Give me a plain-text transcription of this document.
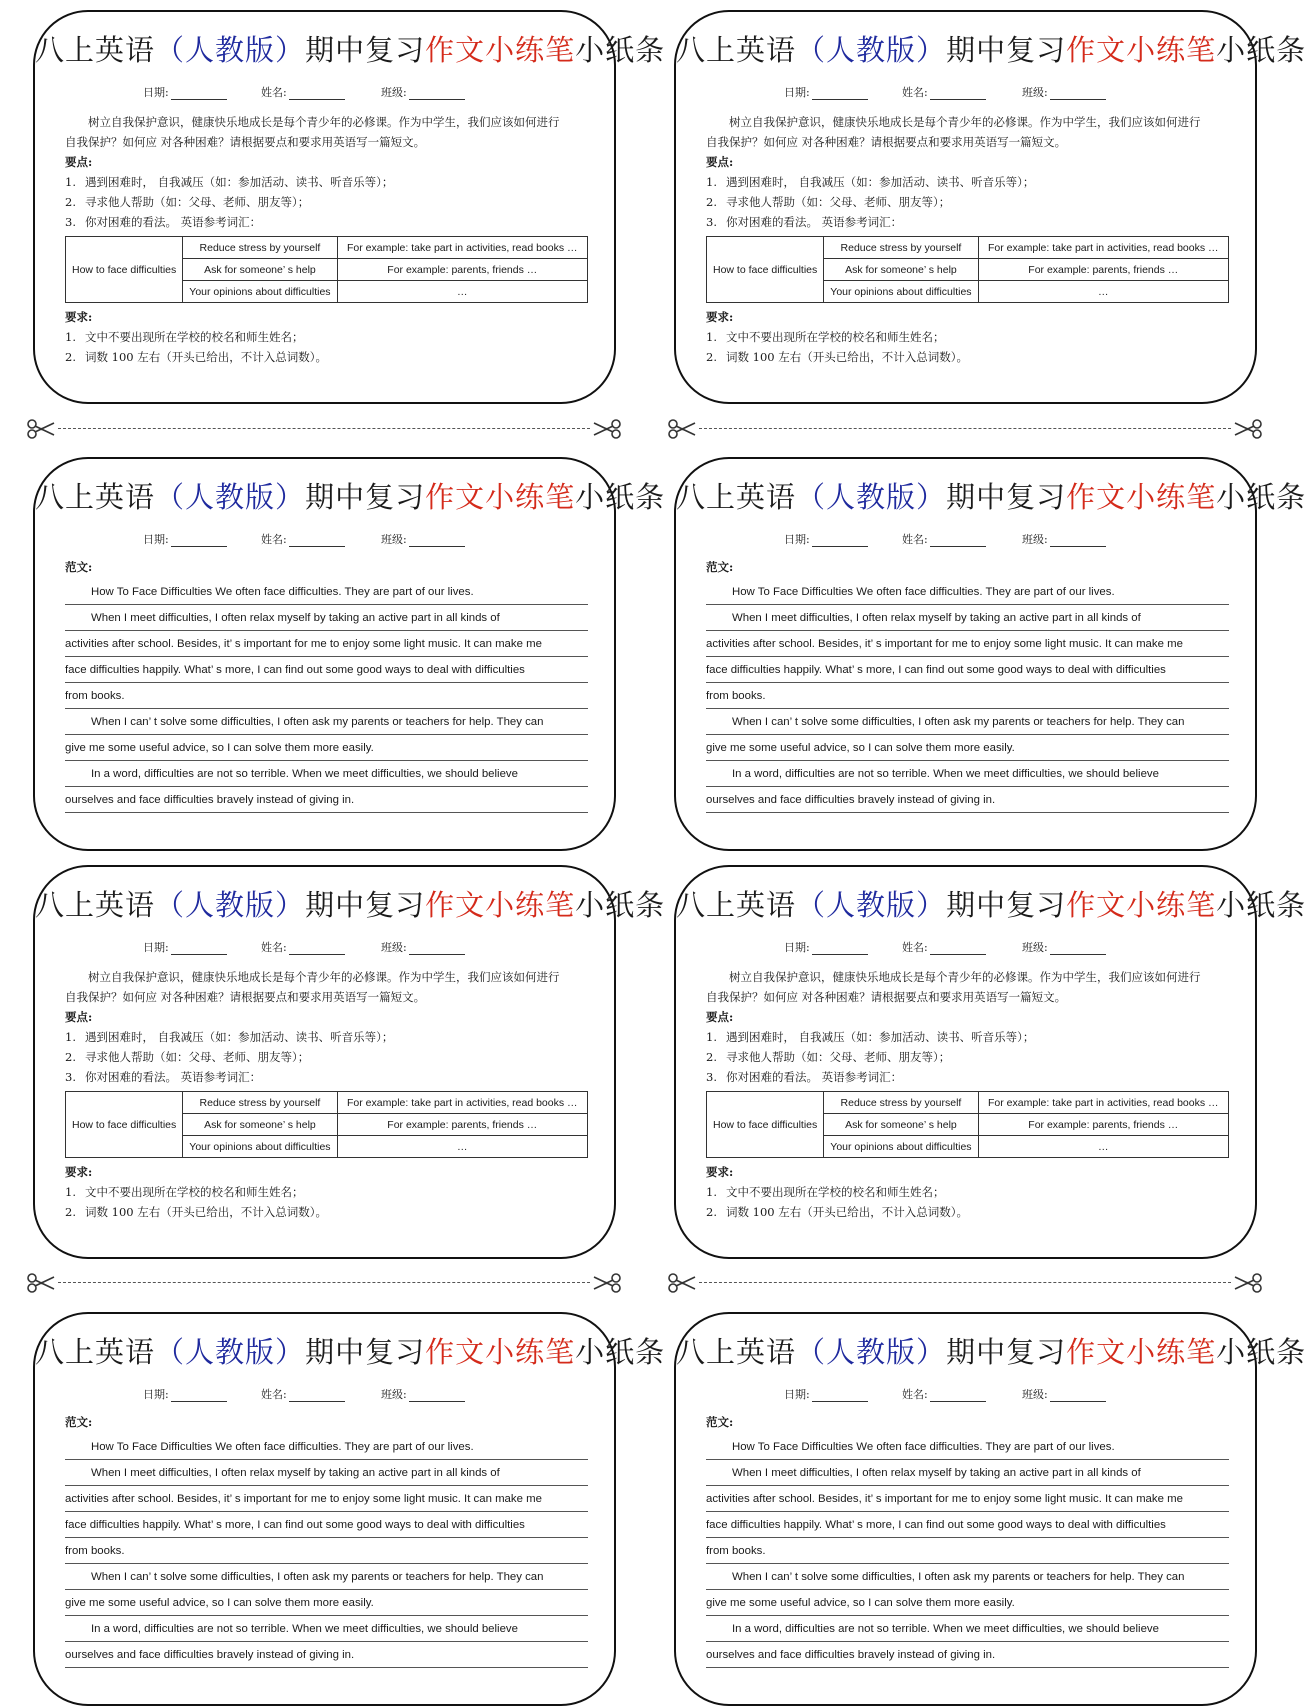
八上英语（人教版）期中复习作文小练笔小纸条
日期:	姓名:	班级:
树立自我保护意识，健康快乐地成长是每个青少年的必修课。作为中学生，我们应该如何进行
自我保护？如何应 对各种困难？请根据要点和要求用英语写一篇短文。
要点:
1. 遇到困难时， 自我减压（如：参加活动、读书、听音乐等）；
2. 寻求他人帮助（如：父母、老师、朋友等）；
3. 你对困难的看法。 英语参考词汇：
How to face difficulties	Reduce stress by yourself	For example: take part in activities, read books …
	Ask for someone’ s help	For example: parents, friends …
	Your opinions about difficulties	…
要求:
1. 文中不要出现所在学校的校名和师生姓名；
2. 词数 100 左右（开头已给出，不计入总词数）。
八上英语（人教版）期中复习作文小练笔小纸条
日期:	姓名:	班级:
树立自我保护意识，健康快乐地成长是每个青少年的必修课。作为中学生，我们应该如何进行
自我保护？如何应 对各种困难？请根据要点和要求用英语写一篇短文。
要点:
1. 遇到困难时， 自我减压（如：参加活动、读书、听音乐等）；
2. 寻求他人帮助（如：父母、老师、朋友等）；
3. 你对困难的看法。 英语参考词汇：
How to face difficulties	Reduce stress by yourself	For example: take part in activities, read books …
	Ask for someone’ s help	For example: parents, friends …
	Your opinions about difficulties	…
要求:
1. 文中不要出现所在学校的校名和师生姓名；
2. 词数 100 左右（开头已给出，不计入总词数）。
八上英语（人教版）期中复习作文小练笔小纸条
日期:	姓名:	班级:
范文:
How To Face Difficulties We often face difficulties. They are part of our lives.
When I meet difficulties, I often relax myself by taking an active part in all kinds of
activities after school. Besides, it’ s important for me to enjoy some light music. It can make me
face difficulties happily. What’ s more, I can find out some good ways to deal with difficulties
from books.
When I can’ t solve some difficulties, I often ask my parents or teachers for help. They can
give me some useful advice, so I can solve them more easily.
In a word, difficulties are not so terrible. When we meet difficulties, we should believe
ourselves and face difficulties bravely instead of giving in.
八上英语（人教版）期中复习作文小练笔小纸条
日期:	姓名:	班级:
范文:
How To Face Difficulties We often face difficulties. They are part of our lives.
When I meet difficulties, I often relax myself by taking an active part in all kinds of
activities after school. Besides, it’ s important for me to enjoy some light music. It can make me
face difficulties happily. What’ s more, I can find out some good ways to deal with difficulties
from books.
When I can’ t solve some difficulties, I often ask my parents or teachers for help. They can
give me some useful advice, so I can solve them more easily.
In a word, difficulties are not so terrible. When we meet difficulties, we should believe
ourselves and face difficulties bravely instead of giving in.
八上英语（人教版）期中复习作文小练笔小纸条
日期:	姓名:	班级:
树立自我保护意识，健康快乐地成长是每个青少年的必修课。作为中学生，我们应该如何进行
自我保护？如何应 对各种困难？请根据要点和要求用英语写一篇短文。
要点:
1. 遇到困难时， 自我减压（如：参加活动、读书、听音乐等）；
2. 寻求他人帮助（如：父母、老师、朋友等）；
3. 你对困难的看法。 英语参考词汇：
How to face difficulties	Reduce stress by yourself	For example: take part in activities, read books …
	Ask for someone’ s help	For example: parents, friends …
	Your opinions about difficulties	…
要求:
1. 文中不要出现所在学校的校名和师生姓名；
2. 词数 100 左右（开头已给出，不计入总词数）。
八上英语（人教版）期中复习作文小练笔小纸条
日期:	姓名:	班级:
树立自我保护意识，健康快乐地成长是每个青少年的必修课。作为中学生，我们应该如何进行
自我保护？如何应 对各种困难？请根据要点和要求用英语写一篇短文。
要点:
1. 遇到困难时， 自我减压（如：参加活动、读书、听音乐等）；
2. 寻求他人帮助（如：父母、老师、朋友等）；
3. 你对困难的看法。 英语参考词汇：
How to face difficulties	Reduce stress by yourself	For example: take part in activities, read books …
	Ask for someone’ s help	For example: parents, friends …
	Your opinions about difficulties	…
要求:
1. 文中不要出现所在学校的校名和师生姓名；
2. 词数 100 左右（开头已给出，不计入总词数）。
八上英语（人教版）期中复习作文小练笔小纸条
日期:	姓名:	班级:
范文:
How To Face Difficulties We often face difficulties. They are part of our lives.
When I meet difficulties, I often relax myself by taking an active part in all kinds of
activities after school. Besides, it’ s important for me to enjoy some light music. It can make me
face difficulties happily. What’ s more, I can find out some good ways to deal with difficulties
from books.
When I can’ t solve some difficulties, I often ask my parents or teachers for help. They can
give me some useful advice, so I can solve them more easily.
In a word, difficulties are not so terrible. When we meet difficulties, we should believe
ourselves and face difficulties bravely instead of giving in.
八上英语（人教版）期中复习作文小练笔小纸条
日期:	姓名:	班级:
范文:
How To Face Difficulties We often face difficulties. They are part of our lives.
When I meet difficulties, I often relax myself by taking an active part in all kinds of
activities after school. Besides, it’ s important for me to enjoy some light music. It can make me
face difficulties happily. What’ s more, I can find out some good ways to deal with difficulties
from books.
When I can’ t solve some difficulties, I often ask my parents or teachers for help. They can
give me some useful advice, so I can solve them more easily.
In a word, difficulties are not so terrible. When we meet difficulties, we should believe
ourselves and face difficulties bravely instead of giving in.
